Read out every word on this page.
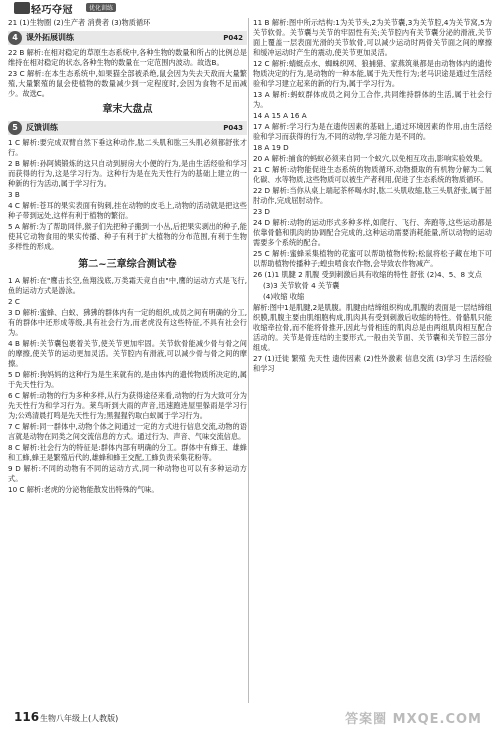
轻巧夺冠	优化训练

21 (1)生物圈 (2)生产者 消费者 (3)物质循环

4	课外拓展训练	P042

22 B 解析:在相对稳定的草原生态系统中,各种生物的数量和所占的比例总是维持在相对稳定的状态,各种生物的数量在一定范围内波动。故选B。

23 C 解析:在本生态系统中,如果猫全部被杀绝,鼠会因为失去天敌而大量繁殖,大量繁殖的鼠会使植物的数量减少到一定程度时,会因为食物不足而减少。故选C。

章末大盘点
5	反馈训练	P043

1 C 解析:要完成双臂自然下垂这种动作,肱二头肌和肱三头肌必须都舒张才行。

2 B 解析:孙阿姨锻炼的这只自动到厨房大小便的行为,是由生活经验和学习而获得的行为,这是学习行为。这种行为是在先天性行为的基础上建立的一种新的行为活动,属于学习行为。

3 B

4 C 解析:苍耳的果实表面有钩刺,挂在动物的皮毛上,动物的活动就是把这些种子带到远处,这样有利于植物的繁衍。

5 A 解析:为了帮助同伴,猴子们先把种子搬到一小丛,后把果实剥出的种子,能使其它动物食用的果实传播、种子有利于扩大植物的分布范围,有利于生物多样性的形成。

第二~三章综合测试卷

1 A 解析:在"鹰击长空,鱼翔浅底,万类霜天竞自由"中,鹰的运动方式是飞行,鱼的运动方式是游泳。

2 C

3 D 解析:蜜蜂、白蚁、狒狒的群体内有一定的组织,成员之间有明确的分工,有的群体中还形成等级,具有社会行为,而老虎没有这些特征,不具有社会行为。

4 B 解析:关节囊包裹着关节,使关节更加牢固。关节软骨能减少骨与骨之间的摩擦,使关节的运动更加灵活。关节腔内有滑液,可以减少骨与骨之间的摩擦。

5 D 解析:狗妈妈的这种行为是生来就有的,是由体内的遗传物质所决定的,属于先天性行为。

6 C 解析:动物的行为多种多样,从行为获得途径来看,动物的行为大致可分为先天性行为和学习行为。莱鸟听到大雨的声音,迅速跑进屋里躲雨是学习行为;公鸡清晨打鸣是先天性行为;黑猩猩钓取白蚁属于学习行为。

7 C 解析:同一群体中,动物个体之间通过一定的方式进行信息交流,动物的语言就是动物在同类之间交流信息的方式。通过行为、声音、气味交流信息。

8 C 解析:社会行为的特征是:群体内部有明确的分工。群体中有蜂王、雄蜂和工蜂,蜂王是繁殖后代的,雄蜂和蜂王交配,工蜂负责采集花粉等。

9 D 解析:不同的动物有不同的运动方式,同一种动物也可以有多种运动方式。

10 C 解析:老虎的分泌物能散发出特殊的气味。

11 B 解析:图中所示结构:1为关节头,2为关节囊,3为关节腔,4为关节窝,5为关节软骨。关节囊与关节的牢固性有关;关节腔内有关节囊分泌的滑液,关节面上覆盖一层表面光滑的关节软骨,可以减少运动时两骨关节面之间的摩擦和缓冲运动时产生的震动,使关节更加灵活。

12 C 解析:蜻蜓点水、蜘蛛织网、狼捕猎、家燕筑巢都是由动物体内的遗传物质决定的行为,是动物的一种本能,属于先天性行为;老马识途是通过生活经验和学习建立起来的新的行为,属于学习行为。

13 A 解析:蚂蚁群体成员之间分工合作,共同维持群体的生活,属于社会行为。

14 A 15 A 16 A

17 A 解析:学习行为是在遗传因素的基础上,通过环境因素的作用,由生活经验和学习而获得的行为,不同的动物,学习能力是不同的。

18 A 19 D

20 A 解析:捕食的蚂蚁必须来自同一个蚁穴,以免相互攻击,影响实验效果。

21 C 解析:动物能促进生态系统的物质循环,动物摄取的有机物分解为二氧化碳、水等物质,这些物质可以被生产者利用,促进了生态系统的物质循环。

22 D 解析:当你从桌上端起茶杯喝水时,肱二头肌收缩,肱三头肌舒张,属于屈肘动作,完成屈肘动作。

23 D

24 D 解析:动物的运动形式多种多样,如爬行、飞行、奔跑等,这些运动都是依靠骨骼和肌肉的协调配合完成的,这种运动需要消耗能量,所以动物的运动需要多个系统的配合。

25 C 解析:蜜蜂采集植物的花蜜可以帮助植物传粉;松鼠将松子藏在地下可以帮助植物传播种子;蝗虫啃食农作物,会导致农作物减产。

26 (1)1 肌腱 2 肌腹 受到刺激后具有收缩的特性 舒张 (2)4、5、8 支点

(3)3 关节软骨 4 关节囊

(4)收缩 收缩

解析:图中1是肌腱,2是肌腹。肌腱由结缔组织构成,肌腹的表面是一层结缔组织膜,肌腹主要由肌细胞构成,肌肉具有受到刺激后收缩的特性。骨骼肌只能收缩牵拉骨,而不能将骨推开,因此与骨相连的肌肉总是由两组肌肉相互配合活动的。关节是骨连结的主要形式,一般由关节面、关节囊和关节腔三部分组成。

27 (1)迁徙 繁殖 先天性 遗传因素 (2)性外激素 信息交流 (3)学习 生活经验和学习

116 生物八年级上(人教版)	答案圈 MXQE.COM
